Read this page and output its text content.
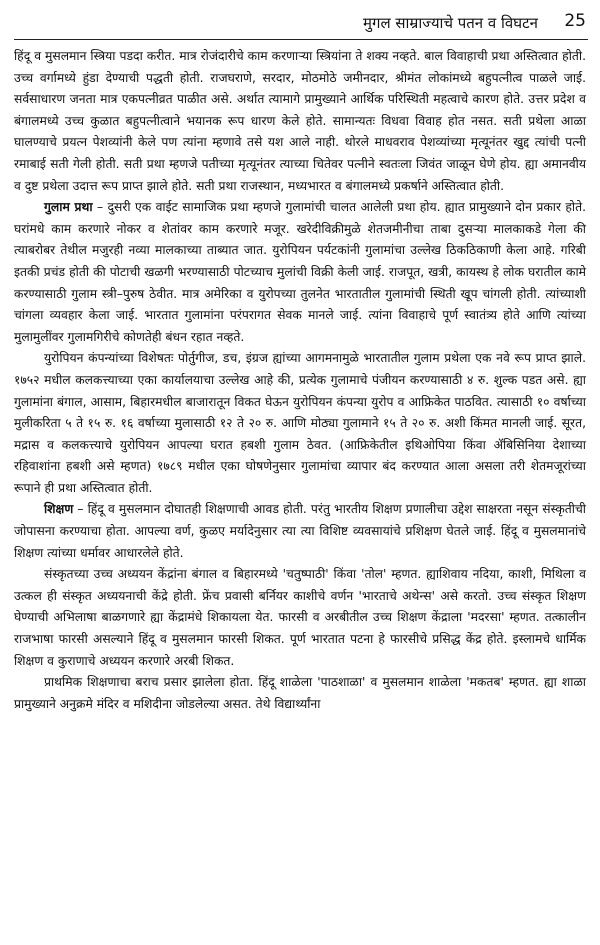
मुगल साम्राज्याचे पतन व विघटन 25

हिंदू व मुसलमान स्त्रिया पडदा करीत. मात्र रोजंदारीचे काम करणाऱ्या स्त्रियांना ते शक्य नव्हते. बाल विवाहाची प्रथा अस्तित्वात होती. उच्च वर्गामध्ये हुंडा देण्याची पद्धती होती. राजघराणे, सरदार, मोठमोठे जमीनदार, श्रीमंत लोकांमध्ये बहुपत्नीत्व पाळले जाई. सर्वसाधारण जनता मात्र एकपत्नीव्रत पाळीत असे. अर्थात त्यामागे प्रामुख्याने आर्थिक परिस्थिती महत्वाचे कारण होते. उत्तर प्रदेश व बंगालमध्ये उच्च कुळात बहुपत्नीत्वाने भयानक रूप धारण केले होते. सामान्यतः विधवा विवाह होत नसत. सती प्रथेला आळा घालण्याचे प्रयत्न पेशव्यांनी केले पण त्यांना म्हणावे तसे यश आले नाही. थोरले माधवराव पेशव्यांच्या मृत्यूनंतर खुद्द त्यांची पत्नी रमाबाई सती गेली होती. सती प्रथा म्हणजे पतीच्या मृत्यूनंतर त्याच्या चितेवर पत्नीने स्वतःला जिवंत जाळून घेणे होय. ह्या अमानवीय व दुष्ट प्रथेला उदात्त रूप प्राप्त झाले होते. सती प्रथा राजस्थान, मध्यभारत व बंगालमध्ये प्रकर्षाने अस्तित्वात होती.

गुलाम प्रथा – दुसरी एक वाईट सामाजिक प्रथा म्हणजे गुलामांची चालत आलेली प्रथा होय. ह्यात प्रामुख्याने दोन प्रकार होते. घरांमधे काम करणारे नोकर व शेतांवर काम करणारे मजूर. खरेदीविक्रीमुळे शेतजमीनीचा ताबा दुसऱ्या मालकाकडे गेला की त्याबरोबर तेथील मजुरही नव्या मालकाच्या ताब्यात जात. युरोपियन पर्यटकांनी गुलामांचा उल्लेख ठिकठिकाणी केला आहे. गरिबी इतकी प्रचंड होती की पोटाची खळगी भरण्यासाठी पोटच्याच मुलांची विक्री केली जाई. राजपूत, खत्री, कायस्थ हे लोक घरातील कामे करण्यासाठी गुलाम स्त्री–पुरुष ठेवीत. मात्र अमेरिका व युरोपच्या तुलनेत भारतातील गुलामांची स्थिती खूप चांगली होती. त्यांच्याशी चांगला व्यवहार केला जाई. भारतात गुलामांना परंपरागत सेवक मानले जाई. त्यांना विवाहाचे पूर्ण स्वातंत्र्य होते आणि त्यांच्या मुलामुलींवर गुलामगिरीचे कोणतेही बंधन रहात नव्हते.

युरोपियन कंपन्यांच्या विशेषतः पोर्तुगीज, डच, इंग्रज ह्यांच्या आगमनामुळे भारतातील गुलाम प्रथेला एक नवे रूप प्राप्त झाले. १७५२ मधील कलकत्त्याच्या एका कार्यालयाचा उल्लेख आहे की, प्रत्येक गुलामाचे पंजीयन करण्यासाठी ४ रु. शुल्क पडत असे. ह्या गुलामांना बंगाल, आसाम, बिहारमधील बाजारातून विकत घेऊन युरोपियन कंपन्या युरोप व आफ्रिकेत पाठवित. त्यासाठी १० वर्षाच्या मुलीकरिता ५ ते १५ रु. १६ वर्षाच्या मुलासाठी १२ ते २० रु. आणि मोठ्या गुलामाने १५ ते २० रु. अशी किंमत मानली जाई. सूरत, मद्रास व कलकत्त्याचे युरोपियन आपल्या घरात हबशी गुलाम ठेवत. (आफ्रिकेतील इथिओपिया किंवा ॲबिसिनिया देशाच्या रहिवाशांना हबशी असे म्हणत) १७८९ मधील एका घोषणेनुसार गुलामांचा व्यापार बंद करण्यात आला असला तरी शेतमजूरांच्या रूपाने ही प्रथा अस्तित्वात होती.

शिक्षण – हिंदू व मुसलमान दोघातही शिक्षणाची आवड होती. परंतु भारतीय शिक्षण प्रणालीचा उद्देश साक्षरता नसून संस्कृतीची जोपासना करण्याचा होता. आपल्या वर्ण, कुळए मर्यादेनुसार त्या त्या विशिष्ट व्यवसायांचे प्रशिक्षण घेतले जाई. हिंदू व मुसलमानांचे शिक्षण त्यांच्या धर्मावर आधारलेले होते.

संस्कृतच्या उच्च अध्ययन केंद्रांना बंगाल व बिहारमध्ये 'चतुष्पाठी' किंवा 'तोल' म्हणत. ह्याशिवाय नदिया, काशी, मिथिला व उत्कल ही संस्कृत अध्ययनाची केंद्रे होती. फ्रेंच प्रवासी बर्नियर काशीचे वर्णन 'भारताचे अथेन्स' असे करतो. उच्च संस्कृत शिक्षण घेण्याची अभिलाषा बाळगणारे ह्या केंद्रामंधे शिकायला येत. फारसी व अरबीतील उच्च शिक्षण केंद्राला 'मदरसा' म्हणत. तत्कालीन राजभाषा फारसी असल्याने हिंदू व मुसलमान फारसी शिकत. पूर्ण भारतात पटना हे फारसीचे प्रसिद्ध केंद्र होते. इस्लामचे धार्मिक शिक्षण व कुराणाचे अध्ययन करणारे अरबी शिकत.

प्राथमिक शिक्षणाचा बराच प्रसार झालेला होता. हिंदू शाळेला 'पाठशाळा' व मुसलमान शाळेला 'मकतब' म्हणत. ह्या शाळा प्रामुख्याने अनुक्रमे मंदिर व मशिदीना जोडलेल्या असत. तेथे विद्यार्थ्यांना
